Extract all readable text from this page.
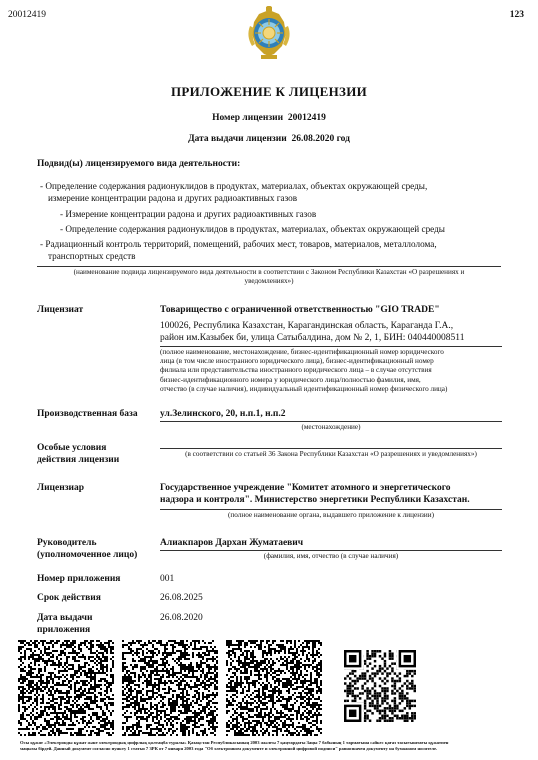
20012419	123
ПРИЛОЖЕНИЕ К ЛИЦЕНЗИИ
Номер лицензии 20012419
Дата выдачи лицензии 26.08.2020 год
Подвид(ы) лицензируемого вида деятельности:
- Определение содержания радионуклидов в продуктах, материалах, объектах окружающей среды,
измерение концентрации радона и других радиоактивных газов
- Измерение концентрации радона и других радиоактивных газов
- Определение содержания радионуклидов в продуктах, материалах, объектах окружающей среды
- Радиационный контроль территорий, помещений, рабочих мест, товаров, материалов, металлолома,
транспортных средств
(наименование подвида лицензируемого вида деятельности в соответствии с Законом Республики Казахстан «О разрешениях и
уведомлениях»)
Лицензиат	Товарищество с ограниченной ответственностью "GIO TRADE"
100026, Республика Казахстан, Карагандинская область, Караганда Г.А.,
район им.Казыбек би, улица Сатыбалдина, дом № 2, 1, БИН: 040440008511
(полное наименование, местонахождение, бизнес-идентификационный номер юридического
лица (в том числе иностранного юридического лица), бизнес-идентификационный номер
филиала или представительства иностранного юридического лица – в случае отсутствия
бизнес-идентификационного номера у юридического лица/полностью фамилия, имя,
отчество (в случае наличия), индивидуальный идентификационный номер физического лица)
Производственная база ул.Зелинского, 20, н.п.1, н.п.2
(местонахождение)
Особые условия
действия лицензии
(в соответствии со статьей 36 Закона Республики Казахстан «О разрешениях и уведомлениях»)
Лицензиар	Государственное учреждение "Комитет атомного и энергетического
надзора и контроля". Министерство энергетики Республики Казахстан.
(полное наименование органа, выдавшего приложение к лицензии)
Руководитель
(уполномоченное лицо)
Алиакпаров Дархан Жуматаевич
(фамилия, имя, отчество (в случае наличия)
Номер приложения	001
Срок действия	26.08.2025
Дата выдачи
приложения
26.08.2020
Осы құжат «Электронды құжат және электрондық цифрлық қолтаңба туралы» Қазақстан Республикасының 2003 жылғы 7 қаңтардағы Заңы 7 бабының 1 тармағына сәйкес қағаз тасығыштағы құжатпен
маңызы бірдей. Данный документ согласно пункту 1 статьи 7 ЗРК от 7 января 2003 года "Об электронном документе и электронной цифровой подписи" равнозначен документу на бумажном носителе.
